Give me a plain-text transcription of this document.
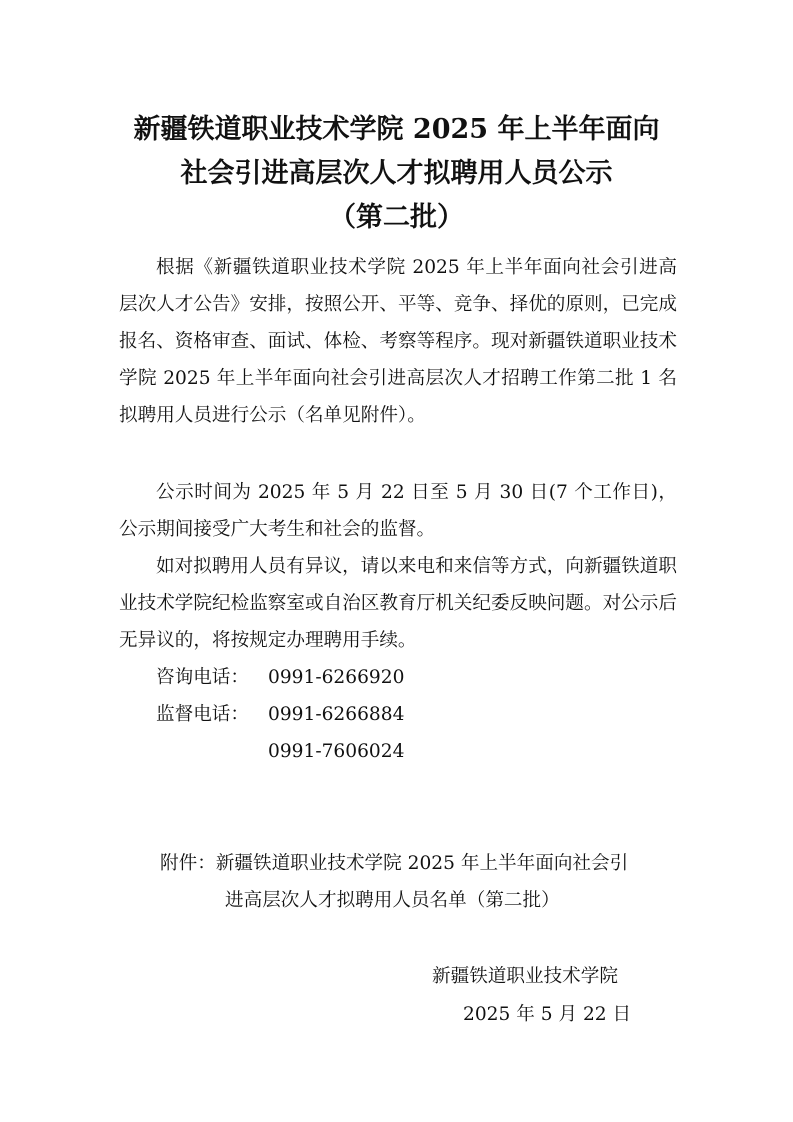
新疆铁道职业技术学院 2025 年上半年面向
社会引进高层次人才拟聘用人员公示
（第二批）

根据《新疆铁道职业技术学院 2025 年上半年面向社会引进高层次人才公告》安排，按照公开、平等、竞争、择优的原则，已完成报名、资格审查、面试、体检、考察等程序。现对新疆铁道职业技术学院 2025 年上半年面向社会引进高层次人才招聘工作第二批 1 名拟聘用人员进行公示（名单见附件）。

公示时间为 2025 年 5 月 22 日至 5 月 30 日(7 个工作日)，公示期间接受广大考生和社会的监督。

如对拟聘用人员有异议，请以来电和来信等方式，向新疆铁道职业技术学院纪检监察室或自治区教育厅机关纪委反映问题。对公示后无异议的，将按规定办理聘用手续。

咨询电话： 0991-6266920
监督电话： 0991-6266884
0991-7606024
附件：新疆铁道职业技术学院 2025 年上半年面向社会引
进高层次人才拟聘用人员名单（第二批）
新疆铁道职业技术学院
2025 年 5 月 22 日
